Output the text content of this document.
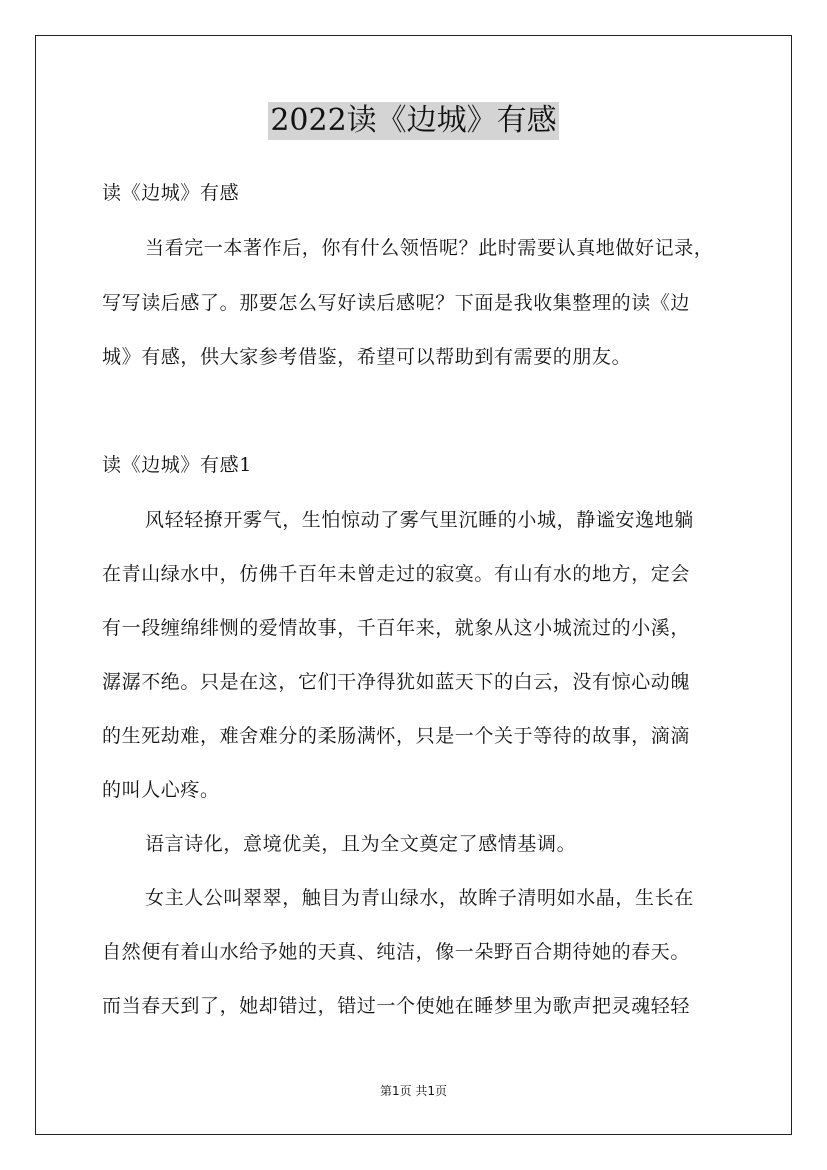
2022读《边城》有感
读《边城》有感
当看完一本著作后，你有什么领悟呢？此时需要认真地做好记录，
写写读后感了。那要怎么写好读后感呢？下面是我收集整理的读《边
城》有感，供大家参考借鉴，希望可以帮助到有需要的朋友。
读《边城》有感1
风轻轻撩开雾气，生怕惊动了雾气里沉睡的小城，静谧安逸地躺
在青山绿水中，仿佛千百年未曾走过的寂寞。有山有水的地方，定会
有一段缠绵绯恻的爱情故事，千百年来，就象从这小城流过的小溪，
潺潺不绝。只是在这，它们干净得犹如蓝天下的白云，没有惊心动魄
的生死劫难，难舍难分的柔肠满怀，只是一个关于等待的故事，滴滴
的叫人心疼。
语言诗化，意境优美，且为全文奠定了感情基调。
女主人公叫翠翠，触目为青山绿水，故眸子清明如水晶，生长在
自然便有着山水给予她的天真、纯洁，像一朵野百合期待她的春天。
而当春天到了，她却错过，错过一个使她在睡梦里为歌声把灵魂轻轻
第1页 共1页
